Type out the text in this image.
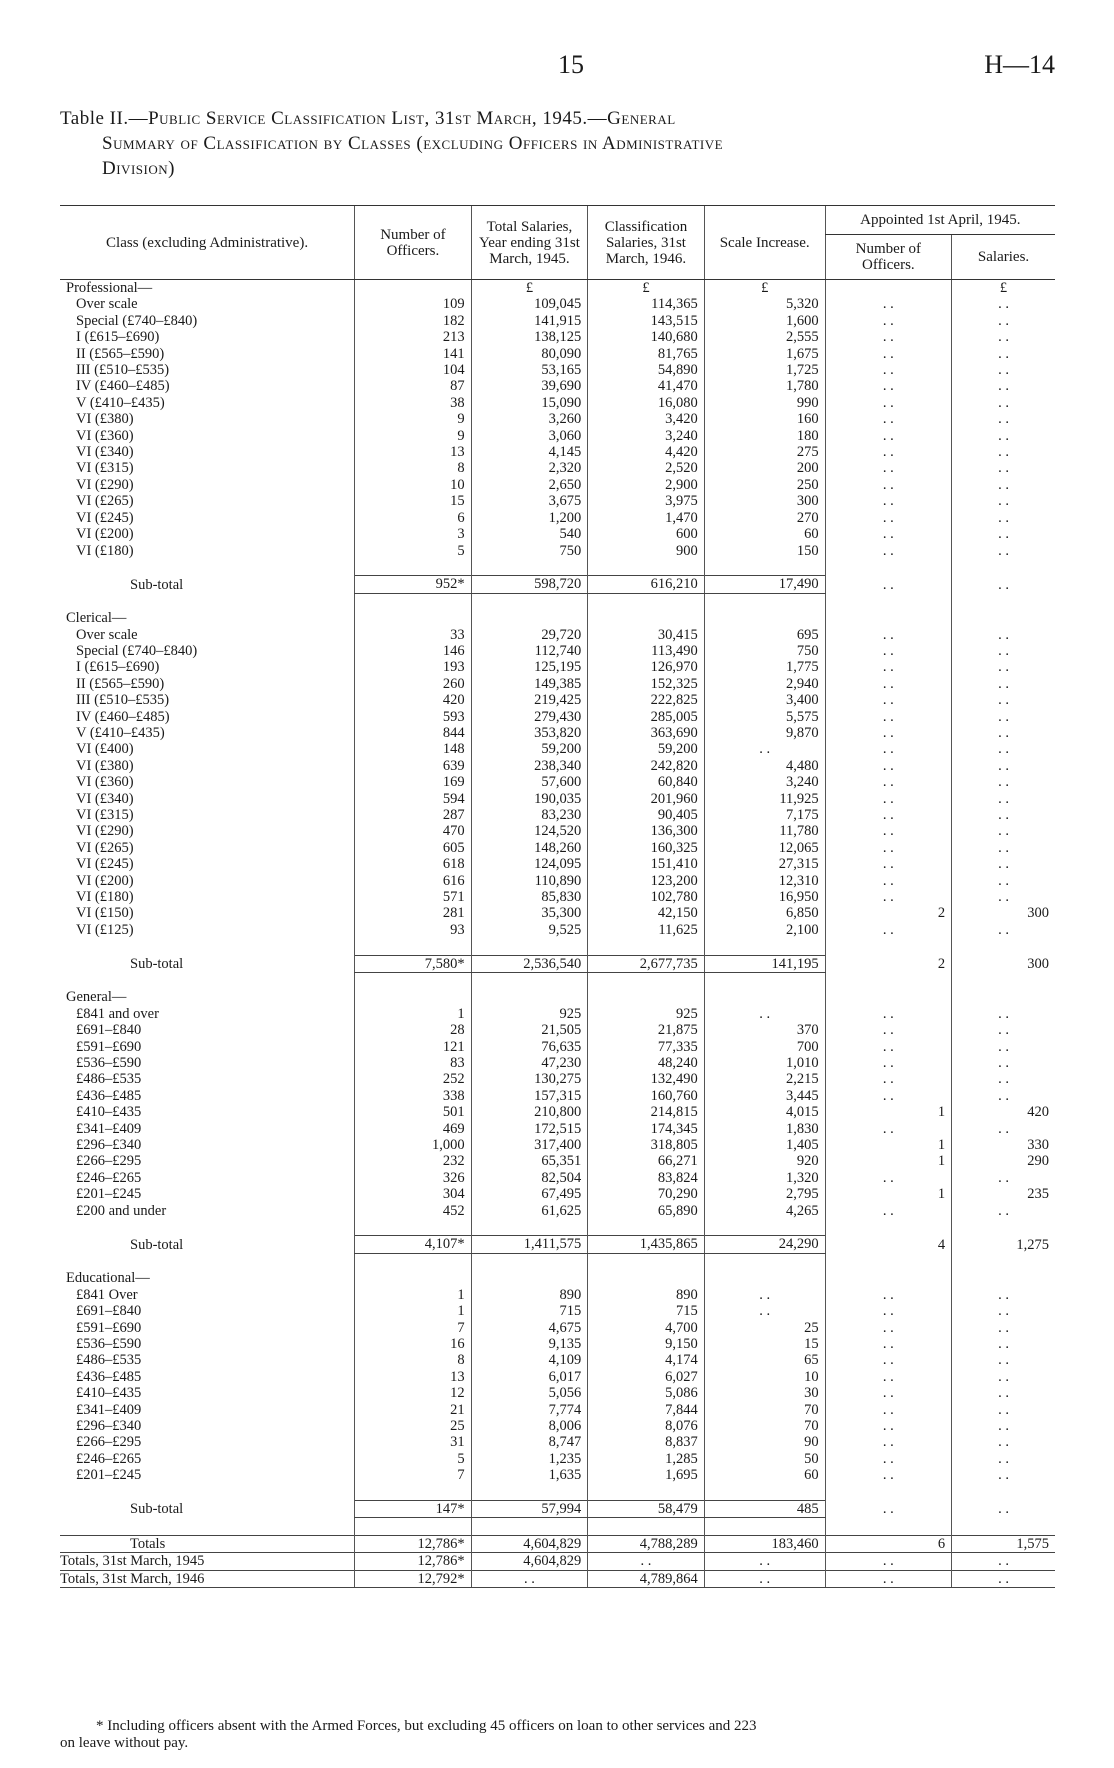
15	H—14
Table II.—Public Service Classification List, 31st March, 1945.—General
Summary of Classification by Classes (excluding Officers in Administrative
Division)
Class (excluding Administrative).	Number of Officers.	Total Salaries, Year ending 31st March, 1945.	Classification Salaries, 31st March, 1946.	Scale Increase.	Appointed 1st April, 1945.	
					Number of Officers.	Salaries.
Professional—		£	£	£		£
Over scale	109	109,045	114,365	5,320	. .	. .
Special (£740–£840)	182	141,915	143,515	1,600	. .	. .
I (£615–£690)	213	138,125	140,680	2,555	. .	. .
II (£565–£590)	141	80,090	81,765	1,675	. .	. .
III (£510–£535)	104	53,165	54,890	1,725	. .	. .
IV (£460–£485)	87	39,690	41,470	1,780	. .	. .
V (£410–£435)	38	15,090	16,080	990	. .	. .
VI (£380)	9	3,260	3,420	160	. .	. .
VI (£360)	9	3,060	3,240	180	. .	. .
VI (£340)	13	4,145	4,420	275	. .	. .
VI (£315)	8	2,320	2,520	200	. .	. .
VI (£290)	10	2,650	2,900	250	. .	. .
VI (£265)	15	3,675	3,975	300	. .	. .
VI (£245)	6	1,200	1,470	270	. .	. .
VI (£200)	3	540	600	60	. .	. .
VI (£180)	5	750	900	150	. .	. .

Sub-total	952*	598,720	616,210	17,490	. .	. .

Clerical—						
Over scale	33	29,720	30,415	695	. .	. .
Special (£740–£840)	146	112,740	113,490	750	. .	. .
I (£615–£690)	193	125,195	126,970	1,775	. .	. .
II (£565–£590)	260	149,385	152,325	2,940	. .	. .
III (£510–£535)	420	219,425	222,825	3,400	. .	. .
IV (£460–£485)	593	279,430	285,005	5,575	. .	. .
V (£410–£435)	844	353,820	363,690	9,870	. .	. .
VI (£400)	148	59,200	59,200	. .	. .	. .
VI (£380)	639	238,340	242,820	4,480	. .	. .
VI (£360)	169	57,600	60,840	3,240	. .	. .
VI (£340)	594	190,035	201,960	11,925	. .	. .
VI (£315)	287	83,230	90,405	7,175	. .	. .
VI (£290)	470	124,520	136,300	11,780	. .	. .
VI (£265)	605	148,260	160,325	12,065	. .	. .
VI (£245)	618	124,095	151,410	27,315	. .	. .
VI (£200)	616	110,890	123,200	12,310	. .	. .
VI (£180)	571	85,830	102,780	16,950	. .	. .
VI (£150)	281	35,300	42,150	6,850	2	300
VI (£125)	93	9,525	11,625	2,100	. .	. .

Sub-total	7,580*	2,536,540	2,677,735	141,195	2	300

General—						
£841 and over	1	925	925	. .	. .	. .
£691–£840	28	21,505	21,875	370	. .	. .
£591–£690	121	76,635	77,335	700	. .	. .
£536–£590	83	47,230	48,240	1,010	. .	. .
£486–£535	252	130,275	132,490	2,215	. .	. .
£436–£485	338	157,315	160,760	3,445	. .	. .
£410–£435	501	210,800	214,815	4,015	1	420
£341–£409	469	172,515	174,345	1,830	. .	. .
£296–£340	1,000	317,400	318,805	1,405	1	330
£266–£295	232	65,351	66,271	920	1	290
£246–£265	326	82,504	83,824	1,320	. .	. .
£201–£245	304	67,495	70,290	2,795	1	235
£200 and under	452	61,625	65,890	4,265	. .	. .

Sub-total	4,107*	1,411,575	1,435,865	24,290	4	1,275

Educational—						
£841 Over	1	890	890	. .	. .	. .
£691–£840	1	715	715	. .	. .	. .
£591–£690	7	4,675	4,700	25	. .	. .
£536–£590	16	9,135	9,150	15	. .	. .
£486–£535	8	4,109	4,174	65	. .	. .
£436–£485	13	6,017	6,027	10	. .	. .
£410–£435	12	5,056	5,086	30	. .	. .
£341–£409	21	7,774	7,844	70	. .	. .
£296–£340	25	8,006	8,076	70	. .	. .
£266–£295	31	8,747	8,837	90	. .	. .
£246–£265	5	1,235	1,285	50	. .	. .
£201–£245	7	1,635	1,695	60	. .	. .

Sub-total	147*	57,994	58,479	485	. .	. .

Totals	12,786*	4,604,829	4,788,289	183,460	6	1,575
Totals, 31st March, 1945	12,786*	4,604,829	. .	. .	. .	. .
Totals, 31st March, 1946	12,792*	. .	4,789,864	. .	. .	. .
* Including officers absent with the Armed Forces, but excluding 45 officers on loan to other services and 223
on leave without pay.
